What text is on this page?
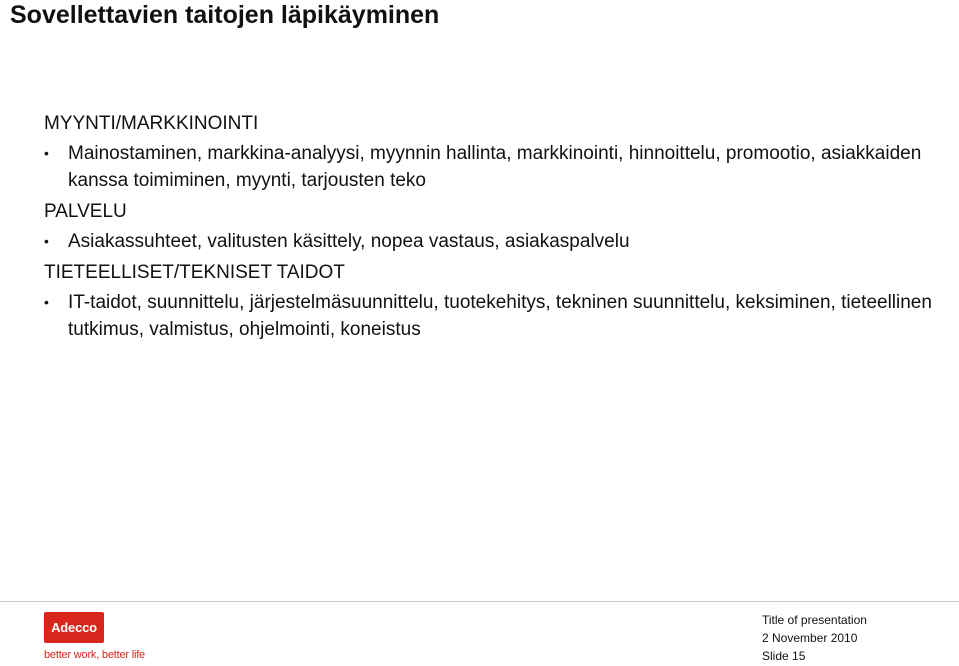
Sovellettavien taitojen läpikäyminen
MYYNTI/MARKKINOINTI
• Mainostaminen, markkina-analyysi, myynnin hallinta, markkinointi, hinnoittelu, promootio, asiakkaiden kanssa toimiminen, myynti, tarjousten teko
PALVELU
• Asiakassuhteet, valitusten käsittely, nopea vastaus, asiakaspalvelu
TIETEELLISET/TEKNISET TAIDOT
• IT-taidot, suunnittelu, järjestelmäsuunnittelu, tuotekehitys, tekninen suunnittelu, keksiminen, tieteellinen tutkimus, valmistus, ohjelmointi, koneistus
Adecco
better work, better life
Title of presentation
2 November 2010
Slide 15
